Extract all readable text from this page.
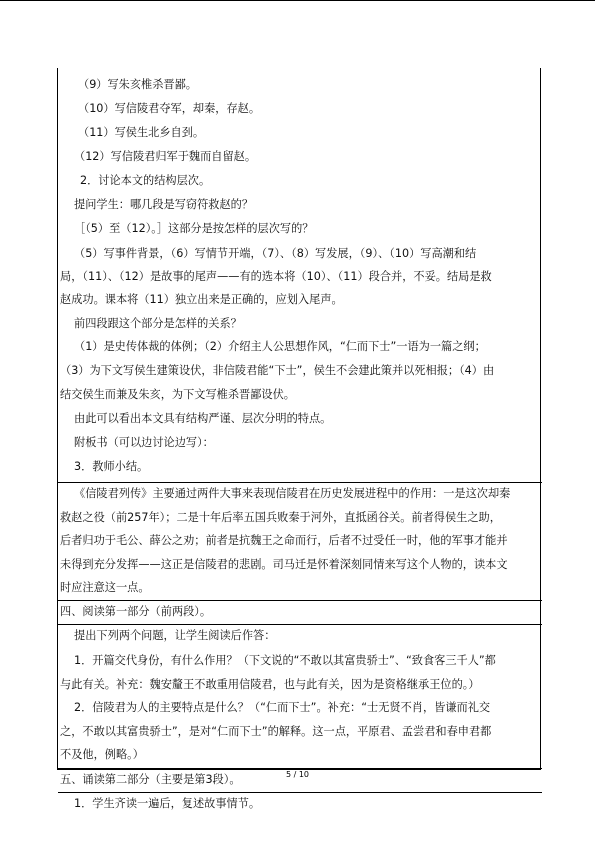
（9）写朱亥椎杀晋鄙。
（10）写信陵君夺军，却秦，存赵。
（11）写侯生北乡自刭。
（12）写信陵君归军于魏而自留赵。
2．讨论本文的结构层次。
提问学生：哪几段是写窃符救赵的？
［（5）至（12）。］这部分是按怎样的层次写的？
（5）写事件背景，（6）写情节开端，（7）、（8）写发展，（9）、（10）写高潮和结
局，（11）、（12）是故事的尾声——有的选本将（10）、（11）段合并，不妥。结局是救
赵成功。课本将（11）独立出来是正确的，应划入尾声。
前四段跟这个部分是怎样的关系？
（1）是史传体裁的体例；（2）介绍主人公思想作风，“仁而下士”一语为一篇之纲；
（3）为下文写侯生建策设伏，非信陵君能“下士”，侯生不会建此策并以死相报；（4）由
结交侯生而兼及朱亥，为下文写椎杀晋鄙设伏。
由此可以看出本文具有结构严谨、层次分明的特点。
附板书（可以边讨论边写）：
3．教师小结。
《信陵君列传》主要通过两件大事来表现信陵君在历史发展进程中的作用：一是这次却秦
救赵之役（前257年）；二是十年后率五国兵败秦于河外，直抵函谷关。前者得侯生之助，
后者归功于毛公、薛公之劝；前者是抗魏王之命而行，后者不过受任一时，他的军事才能并
未得到充分发挥——这正是信陵君的悲剧。司马迁是怀着深刻同情来写这个人物的，读本文
时应注意这一点。
四、阅读第一部分（前两段）。
提出下列两个问题，让学生阅读后作答：
1．开篇交代身份，有什么作用？（下文说的“不敢以其富贵骄士”、“致食客三千人”都
与此有关。补充：魏安釐王不敢重用信陵君，也与此有关，因为是资格继承王位的。）
2．信陵君为人的主要特点是什么？（“仁而下士”。补充：“士无贤不肖，皆谦而礼交
之，不敢以其富贵骄士”，是对“仁而下士”的解释。这一点，平原君、孟尝君和春申君都
不及他，例略。）
五、诵读第二部分（主要是第3段）。
1．学生齐读一遍后，复述故事情节。
5 / 10
